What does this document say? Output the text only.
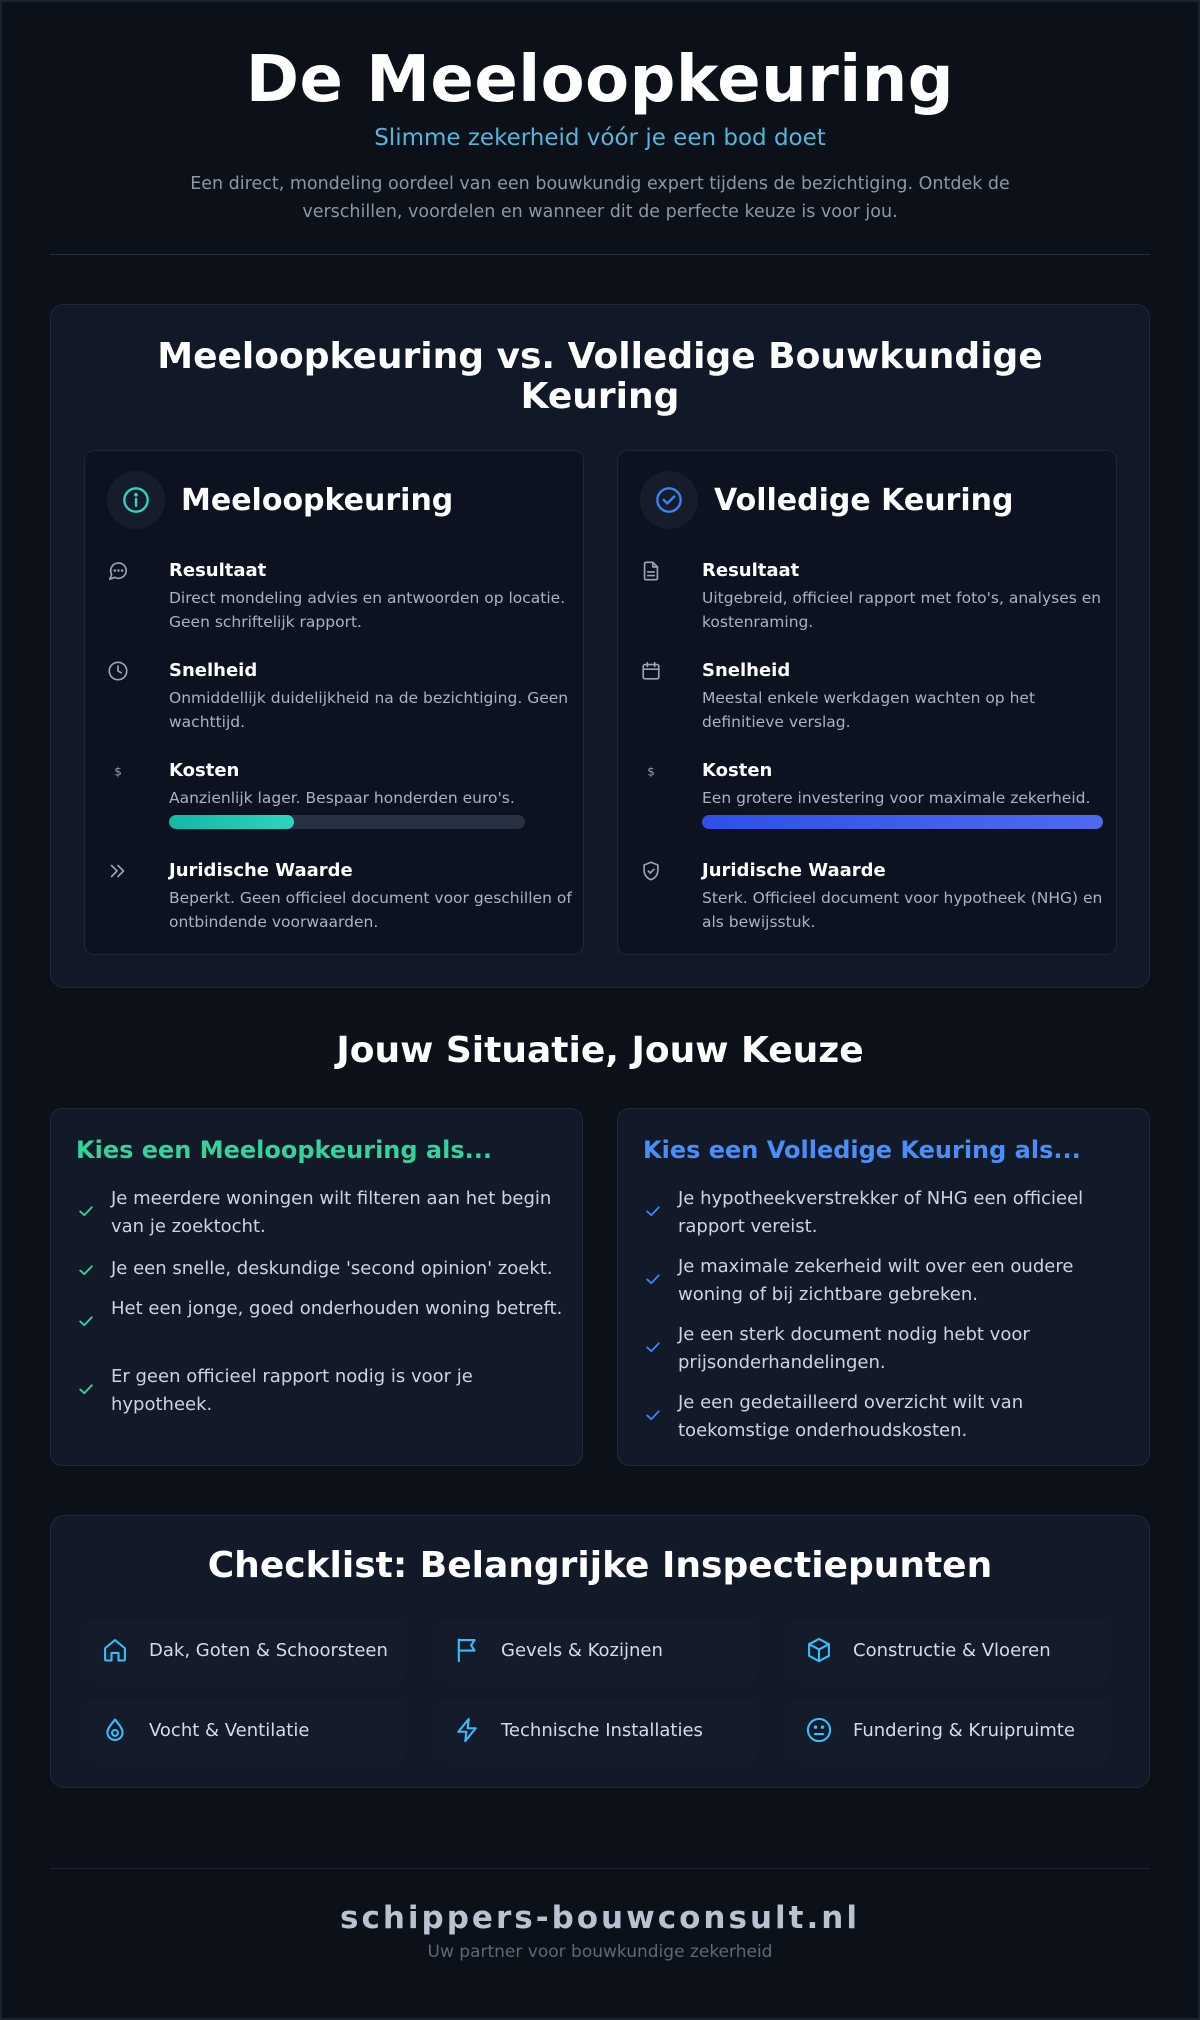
De Meeloopkeuring
Slimme zekerheid vóór je een bod doet

Een direct, mondeling oordeel van een bouwkundig expert tijdens de bezichtiging. Ontdek de verschillen, voordelen en wanneer dit de perfecte keuze is voor jou.

Meeloopkeuring vs. Volledige Bouwkundige Keuring
Meeloopkeuring
Resultaat
Direct mondeling advies en antwoorden op locatie. Geen schriftelijk rapport.
Snelheid
Onmiddellijk duidelijkheid na de bezichtiging. Geen wachttijd.
$	Kosten
Aanzienlijk lager. Bespaar honderden euro's.
Juridische Waarde
Beperkt. Geen officieel document voor geschillen of ontbindende voorwaarden.
Volledige Keuring
Resultaat
Uitgebreid, officieel rapport met foto's, analyses en kostenraming.
Snelheid
Meestal enkele werkdagen wachten op het definitieve verslag.
$	Kosten
Een grotere investering voor maximale zekerheid.
Juridische Waarde
Sterk. Officieel document voor hypotheek (NHG) en als bewijsstuk.
Jouw Situatie, Jouw Keuze
Kies een Meeloopkeuring als...
Je meerdere woningen wilt filteren aan het begin van je zoektocht.
Je een snelle, deskundige 'second opinion' zoekt.
Het een jonge, goed onderhouden woning betreft.
Er geen officieel rapport nodig is voor je hypotheek.
Kies een Volledige Keuring als...
Je hypotheekverstrekker of NHG een officieel rapport vereist.
Je maximale zekerheid wilt over een oudere woning of bij zichtbare gebreken.
Je een sterk document nodig hebt voor prijsonderhandelingen.
Je een gedetailleerd overzicht wilt van toekomstige onderhoudskosten.
Checklist: Belangrijke Inspectiepunten
Dak, Goten & Schoorsteen	Gevels & Kozijnen	Constructie & Vloeren
Vocht & Ventilatie	Technische Installaties	Fundering & Kruipruimte
schippers-bouwconsult.nl
Uw partner voor bouwkundige zekerheid
